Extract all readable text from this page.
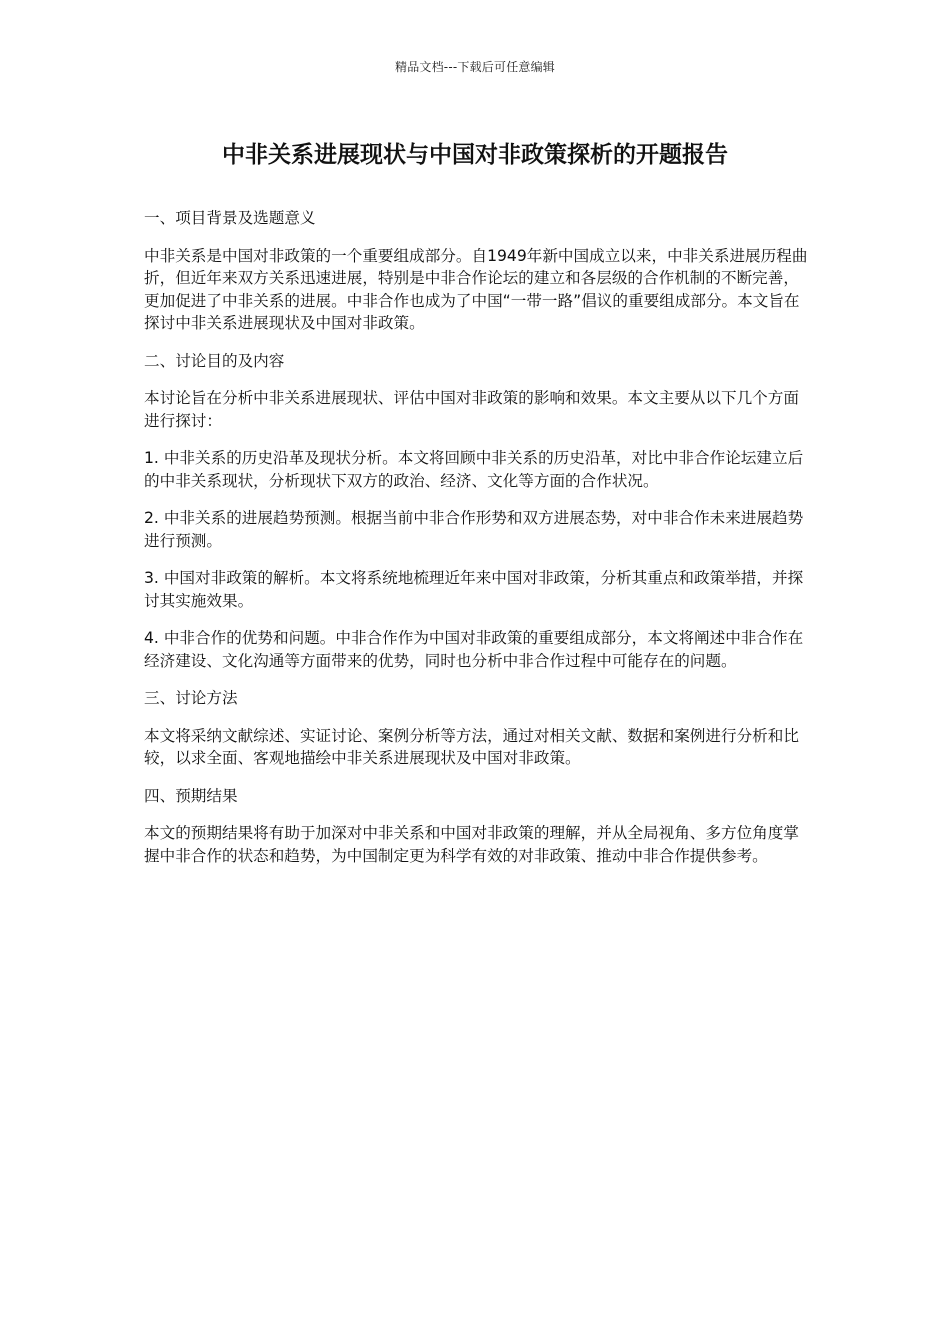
精品文档---下载后可任意编辑
中非关系进展现状与中国对非政策探析的开题报告
一、项目背景及选题意义

中非关系是中国对非政策的一个重要组成部分。自1949年新中国成立以来，中非关系进展历程曲折，但近年来双方关系迅速进展，特别是中非合作论坛的建立和各层级的合作机制的不断完善，更加促进了中非关系的进展。中非合作也成为了中国“一带一路”倡议的重要组成部分。本文旨在探讨中非关系进展现状及中国对非政策。

二、讨论目的及内容

本讨论旨在分析中非关系进展现状、评估中国对非政策的影响和效果。本文主要从以下几个方面进行探讨：

1. 中非关系的历史沿革及现状分析。本文将回顾中非关系的历史沿革，对比中非合作论坛建立后的中非关系现状，分析现状下双方的政治、经济、文化等方面的合作状况。

2. 中非关系的进展趋势预测。根据当前中非合作形势和双方进展态势，对中非合作未来进展趋势进行预测。

3. 中国对非政策的解析。本文将系统地梳理近年来中国对非政策，分析其重点和政策举措，并探讨其实施效果。

4. 中非合作的优势和问题。中非合作作为中国对非政策的重要组成部分，本文将阐述中非合作在经济建设、文化沟通等方面带来的优势，同时也分析中非合作过程中可能存在的问题。

三、讨论方法

本文将采纳文献综述、实证讨论、案例分析等方法，通过对相关文献、数据和案例进行分析和比较，以求全面、客观地描绘中非关系进展现状及中国对非政策。

四、预期结果

本文的预期结果将有助于加深对中非关系和中国对非政策的理解，并从全局视角、多方位角度掌握中非合作的状态和趋势，为中国制定更为科学有效的对非政策、推动中非合作提供参考。
